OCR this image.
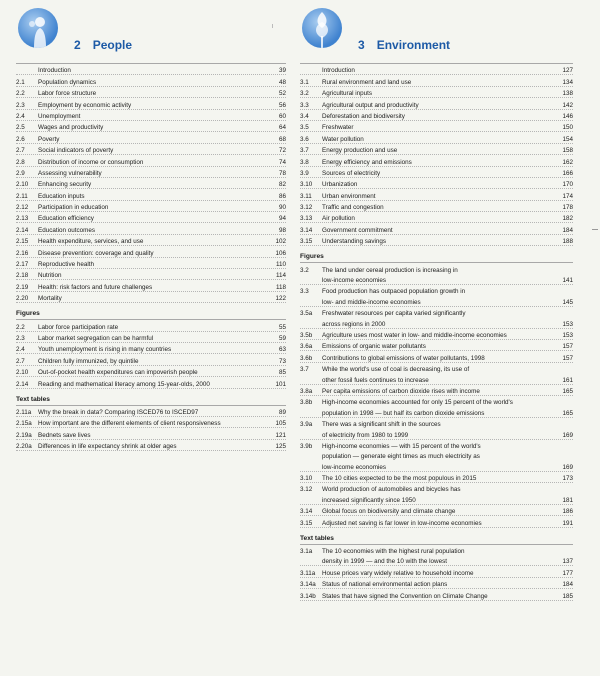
2 People
Introduction	39
2.1	Population dynamics	48
2.2	Labor force structure	52
2.3	Employment by economic activity	56
2.4	Unemployment	60
2.5	Wages and productivity	64
2.6	Poverty	68
2.7	Social indicators of poverty	72
2.8	Distribution of income or consumption	74
2.9	Assessing vulnerability	78
2.10	Enhancing security	82
2.11	Education inputs	86
2.12	Participation in education	90
2.13	Education efficiency	94
2.14	Education outcomes	98
2.15	Health expenditure, services, and use	102
2.16	Disease prevention: coverage and quality	106
2.17	Reproductive health	110
2.18	Nutrition	114
2.19	Health: risk factors and future challenges	118
2.20	Mortality	122
Figures
2.2	Labor force participation rate	55
2.3	Labor market segregation can be harmful	59
2.4	Youth unemployment is rising in many countries	63
2.7	Children fully immunized, by quintile	73
2.10	Out-of-pocket health expenditures can impoverish people	85
2.14	Reading and mathematical literacy among 15-year-olds, 2000	101
Text tables
2.11a	Why the break in data? Comparing ISCED76 to ISCED97	89
2.15a How important are the different elements of client responsiveness	105
2.19a Bednets save lives	121
2.20a Differences in life expectancy shrink at older ages	125
3 Environment
Introduction	127
3.1	Rural environment and land use	134
3.2	Agricultural inputs	138
3.3	Agricultural output and productivity	142
3.4	Deforestation and biodiversity	146
3.5	Freshwater	150
3.6	Water pollution	154
3.7	Energy production and use	158
3.8	Energy efficiency and emissions	162
3.9	Sources of electricity	166
3.10	Urbanization	170
3.11	Urban environment	174
3.12	Traffic and congestion	178
3.13	Air pollution	182
3.14	Government commitment	184
3.15	Understanding savings	188
Figures
3.2	The land under cereal production is increasing in
low-income economies	141
3.3	Food production has outpaced population growth in
low- and middle-income economies	145
3.5a	Freshwater resources per capita varied significantly
across regions in 2000	153
3.5b	Agriculture uses most water in low- and middle-income economies	153
3.6a	Emissions of organic water pollutants	157
3.6b	Contributions to global emissions of water pollutants, 1998	157
3.7	While the world's use of coal is decreasing, its use of
other fossil fuels continues to increase	161
3.8a	Per capita emissions of carbon dioxide rises with income	165
3.8b	High-income economies accounted for only 15 percent of the world's
population in 1998 — but half its carbon dioxide emissions	165
3.9a	There was a significant shift in the sources
of electricity from 1980 to 1999	169
3.9b	High-income economies — with 15 percent of the world's
population — generate eight times as much electricity as
low-income economies	169
3.10	The 10 cities expected to be the most populous in 2015	173
3.12	World production of automobiles and bicycles has
increased significantly since 1950	181
3.14	Global focus on biodiversity and climate change	186
3.15	Adjusted net saving is far lower in low-income economies	191
Text tables
3.1a	The 10 economies with the highest rural population
density in 1999 — and the 10 with the lowest	137
3.11a	House prices vary widely relative to household income	177
3.14a Status of national environmental action plans	184
3.14b States that have signed the Convention on Climate Change	185
